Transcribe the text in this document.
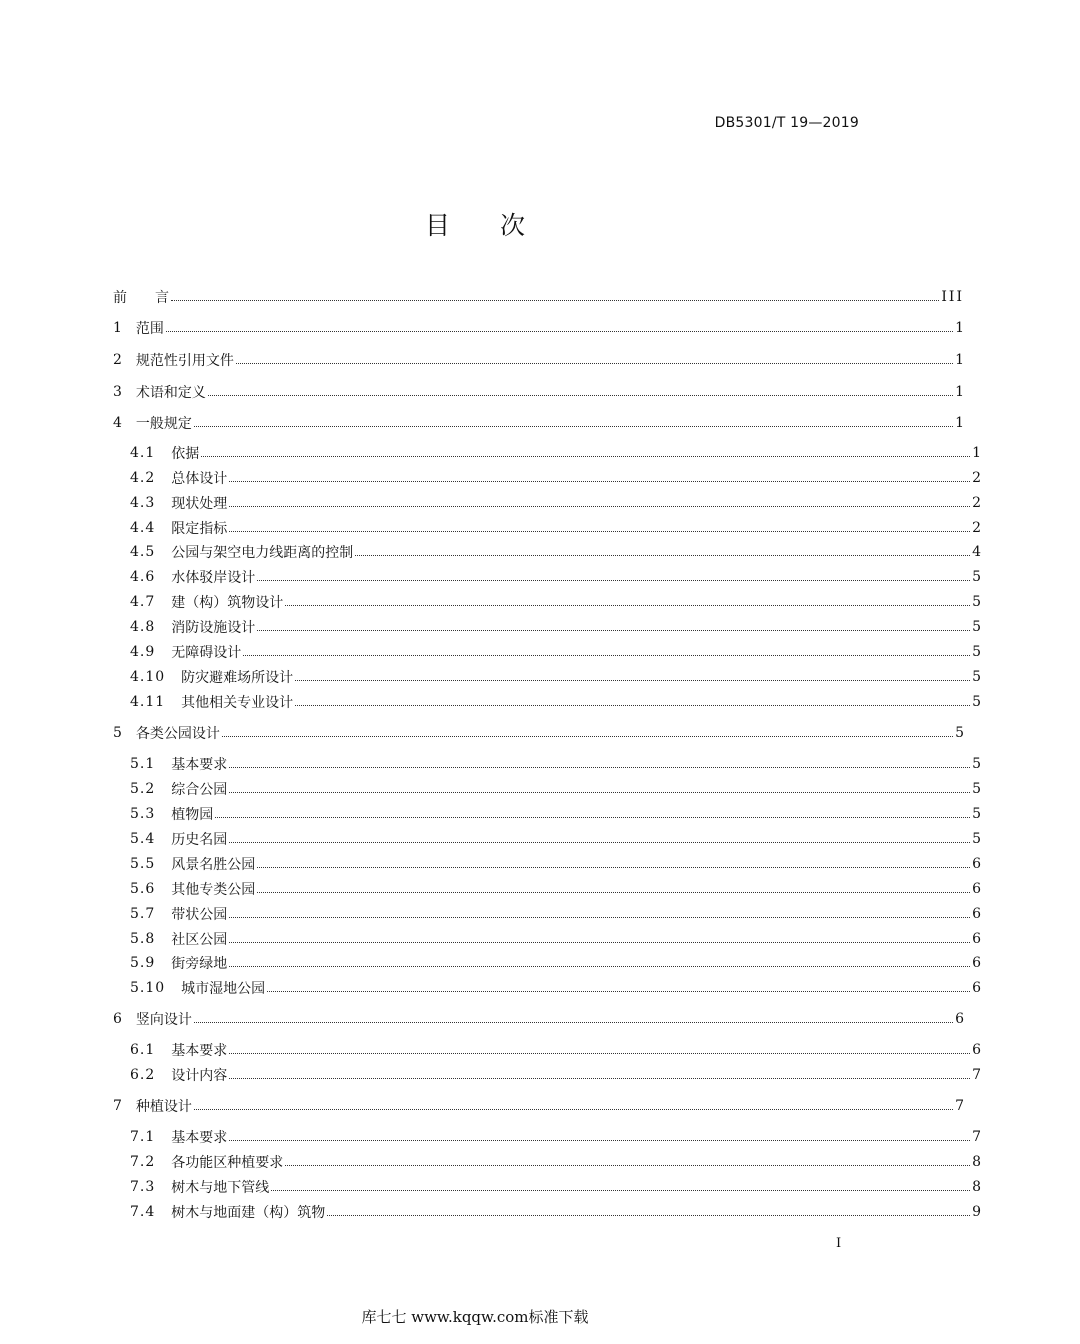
DB5301/T 19—2019
目 次
前　　言	III
1 范围	1
2 规范性引用文件	1
3 术语和定义	1
4 一般规定	1
4.1 依据	1
4.2 总体设计	2
4.3 现状处理	2
4.4 限定指标	2
4.5 公园与架空电力线距离的控制	4
4.6 水体驳岸设计	5
4.7 建（构）筑物设计	5
4.8 消防设施设计	5
4.9 无障碍设计	5
4.10 防灾避难场所设计	5
4.11 其他相关专业设计	5
5 各类公园设计	5
5.1 基本要求	5
5.2 综合公园	5
5.3 植物园	5
5.4 历史名园	5
5.5 风景名胜公园	6
5.6 其他专类公园	6
5.7 带状公园	6
5.8 社区公园	6
5.9 街旁绿地	6
5.10 城市湿地公园	6
6 竖向设计	6
6.1 基本要求	6
6.2 设计内容	7
7 种植设计	7
7.1 基本要求	7
7.2 各功能区种植要求	8
7.3 树木与地下管线	8
7.4 树木与地面建（构）筑物	9
I
库七七 www.kqqw.com标准下载
